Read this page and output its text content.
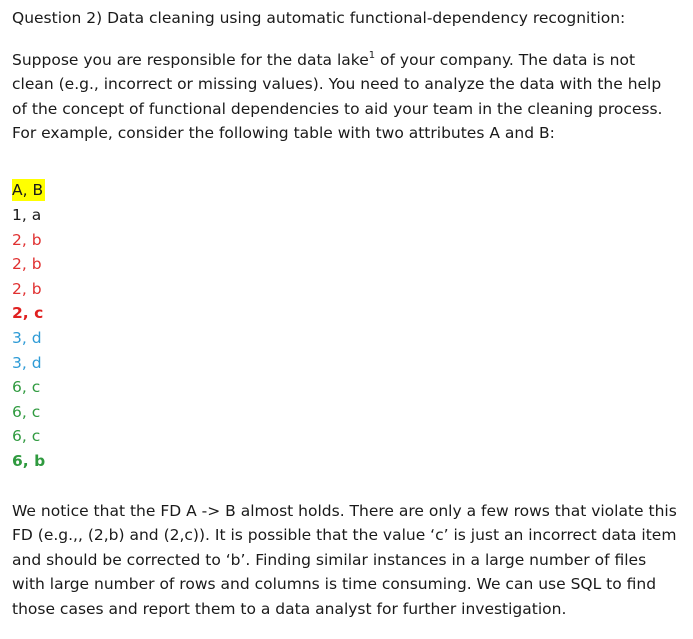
Question 2) Data cleaning using automatic functional-dependency recognition:
Suppose you are responsible for the data lake$^1$ of your company. The data is not
clean (e.g., incorrect or missing values). You need to analyze the data with the help
of the concept of functional dependencies to aid your team in the cleaning process.
For example, consider the following table with two attributes A and B:
A, B
1, a
2, b
2, b
2, b
2, c
3, d
3, d
6, c
6, c
6, c
6, b
We notice that the FD A -> B almost holds. There are only a few rows that violate this
FD (e.g.,, (2,b) and (2,c)). It is possible that the value ‘c’ is just an incorrect data item
and should be corrected to ‘b’. Finding similar instances in a large number of files
with large number of rows and columns is time consuming. We can use SQL to find
those cases and report them to a data analyst for further investigation.
